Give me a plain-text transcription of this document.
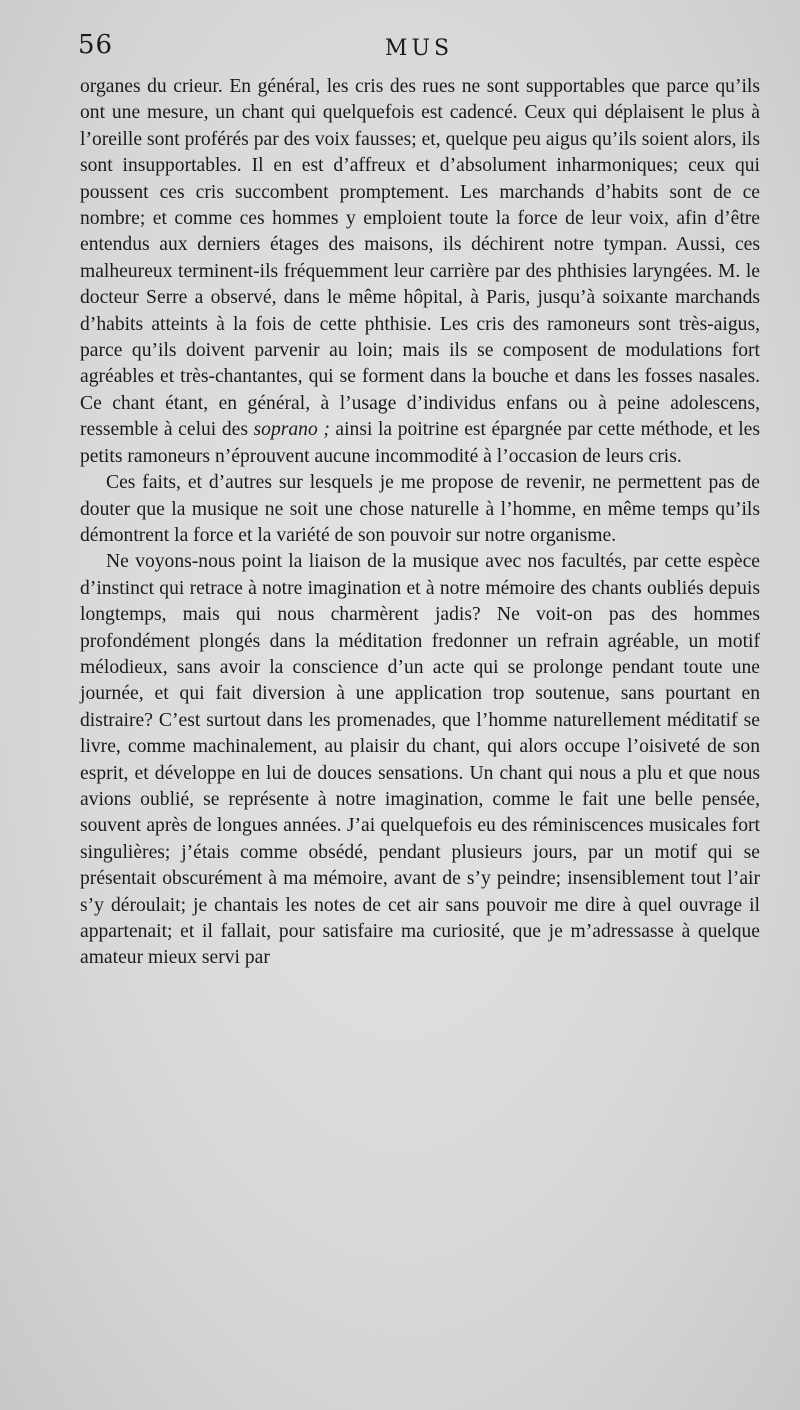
56	MUS

organes du crieur. En général, les cris des rues ne sont supportables que parce qu’ils ont une mesure, un chant qui quelquefois est cadencé. Ceux qui déplaisent le plus à l’oreille sont proférés par des voix fausses; et, quelque peu aigus qu’ils soient alors, ils sont insupportables. Il en est d’affreux et d’absolument inharmoniques; ceux qui poussent ces cris succombent promptement. Les marchands d’habits sont de ce nombre; et comme ces hommes y emploient toute la force de leur voix, afin d’être entendus aux derniers étages des maisons, ils déchirent notre tympan. Aussi, ces malheureux terminent-ils fréquemment leur carrière par des phthisies laryngées. M. le docteur Serre a observé, dans le même hôpital, à Paris, jusqu’à soixante marchands d’habits atteints à la fois de cette phthisie. Les cris des ramoneurs sont très-aigus, parce qu’ils doivent parvenir au loin; mais ils se composent de modulations fort agréables et très-chantantes, qui se forment dans la bouche et dans les fosses nasales. Ce chant étant, en général, à l’usage d’individus enfans ou à peine adolescens, ressemble à celui des soprano ; ainsi la poitrine est épargnée par cette méthode, et les petits ramoneurs n’éprouvent aucune incommodité à l’occasion de leurs cris.

Ces faits, et d’autres sur lesquels je me propose de revenir, ne permettent pas de douter que la musique ne soit une chose naturelle à l’homme, en même temps qu’ils démontrent la force et la variété de son pouvoir sur notre organisme.

Ne voyons-nous point la liaison de la musique avec nos facultés, par cette espèce d’instinct qui retrace à notre imagination et à notre mémoire des chants oubliés depuis longtemps, mais qui nous charmèrent jadis? Ne voit-on pas des hommes profondément plongés dans la méditation fredonner un refrain agréable, un motif mélodieux, sans avoir la conscience d’un acte qui se prolonge pendant toute une journée, et qui fait diversion à une application trop soutenue, sans pourtant en distraire? C’est surtout dans les promenades, que l’homme naturellement méditatif se livre, comme machinalement, au plaisir du chant, qui alors occupe l’oisiveté de son esprit, et développe en lui de douces sensations. Un chant qui nous a plu et que nous avions oublié, se représente à notre imagination, comme le fait une belle pensée, souvent après de longues années. J’ai quelquefois eu des réminiscences musicales fort singulières; j’étais comme obsédé, pendant plusieurs jours, par un motif qui se présentait obscurément à ma mémoire, avant de s’y peindre; insensiblement tout l’air s’y déroulait; je chantais les notes de cet air sans pouvoir me dire à quel ouvrage il appartenait; et il fallait, pour satisfaire ma curiosité, que je m’adressasse à quelque amateur mieux servi par
